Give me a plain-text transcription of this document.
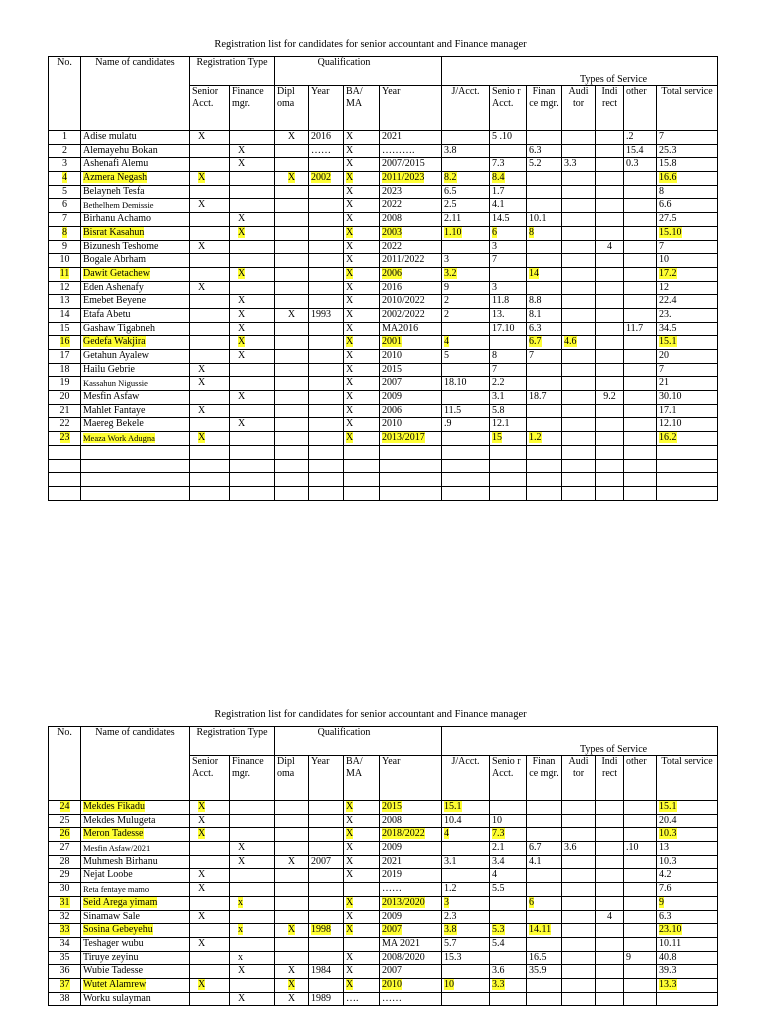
Registration list for candidates for senior accountant and Finance manager
No.	Name of candidates	Registration Type		Qualification				Types of Service						
		Senior Acct.	Finance mgr.	Dipl oma	Year	BA/ MA	Year	J/Acct.	Senio r Acct.	Finan ce mgr.	Audi tor	Indi rect	other	Total service
1	Adise mulatu	X		X	2016	X	2021		5 .10				.2	7
2	Alemayehu Bokan		X		……	X	……….	3.8		6.3			15.4	25.3
3	Ashenafi Alemu		X			X	2007/2015		7.3	5.2	3.3		0.3	15.8
4	Azmera Negash	X		X	2002	X	2011/2023	8.2	8.4					16.6
5	Belayneh Tesfa					X	2023	6.5	1.7					8
6	Bethelhem Demissie	X				X	2022	2.5	4.1					6.6
7	Birhanu Achamo		X			X	2008	2.11	14.5	10.1				27.5
8	Bisrat Kasahun		X			X	2003	1.10	6	8				15.10
9	Bizunesh Teshome	X				X	2022		3			4		7
10	Bogale Abrham					X	2011/2022	3	7					10
11	Dawit Getachew		X			X	2006	3.2		14				17.2
12	Eden Ashenafy	X				X	2016	9	3					12
13	Emebet Beyene		X			X	2010/2022	2	11.8	8.8				22.4
14	Etafa Abetu		X	X	1993	X	2002/2022	2	13.	8.1				23.
15	Gashaw Tigabneh		X			X	MA2016		17.10	6.3			11.7	34.5
16	Gedefa Wakjira		X			X	2001	4		6.7	4.6			15.1
17	Getahun Ayalew		X			X	2010	5	8	7				20
18	Hailu Gebrie	X				X	2015		7					7
19	Kassahun Nigussie	X				X	2007	18.10	2.2					21
20	Mesfin Asfaw		X			X	2009		3.1	18.7		9.2		30.10
21	Mahlet Fantaye	X				X	2006	11.5	5.8					17.1
22	Maereg Bekele		X			X	2010	.9	12.1					12.10
23	Meaza Work Adugna	X				X	2013/2017		15	1.2				16.2

Registration list for candidates for senior accountant and Finance manager
No.	Name of candidates	Registration Type		Qualification				Types of Service						
		Senior Acct.	Finance mgr.	Dipl oma	Year	BA/ MA	Year	J/Acct.	Senio r Acct.	Finan ce mgr.	Audi tor	Indi rect	other	Total service
24	Mekdes Fikadu	X				X	2015	15.1						15.1
25	Mekdes Mulugeta	X				X	2008	10.4	10					20.4
26	Meron Tadesse	X				X	2018/2022	4	7.3					10.3
27	Mesfin Asfaw/2021		X			X	2009		2.1	6.7	3.6		.10	13
28	Muhmesh Birhanu		X	X	2007	X	2021	3.1	3.4	4.1				10.3
29	Nejat Loobe	X				X	2019		4					4.2
30	Reta fentaye mamo	X					……	1.2	5.5					7.6
31	Seid Arega yimam		x			X	2013/2020	3		6				9
32	Sinamaw Sale	X				X	2009	2.3				4		6.3
33	Sosina Gebeyehu		x	X	1998	X	2007	3.8	5.3	14.11				23.10
34	Teshager wubu	X					MA 2021	5.7	5.4					10.11
35	Tiruye zeyinu		x			X	2008/2020	15.3		16.5			9	40.8
36	Wubie Tadesse		X	X	1984	X	2007		3.6	35.9				39.3
37	Wutet Alamrew	X		X		X	2010	10	3.3					13.3
38	Worku sulayman		X	X	1989	….	……							
